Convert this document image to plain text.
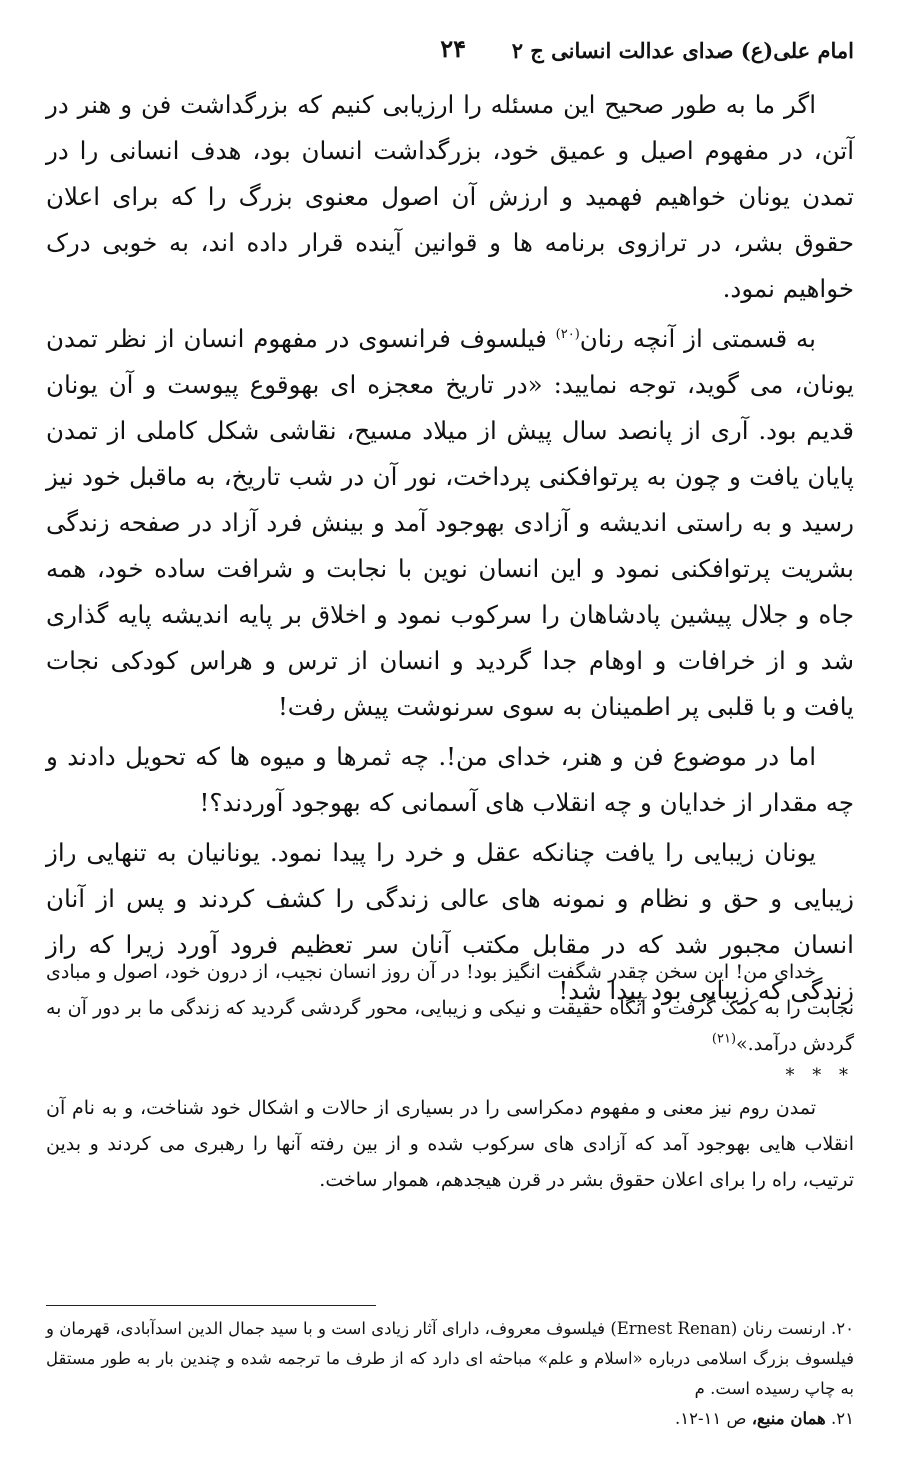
امام علی(ع) صدای عدالت انسانی ج ۲
۲۴

اگر ما به طور صحیح این مسئله را ارزیابی کنیم که بزرگداشت فن و هنر در آتن، در مفهوم اصیل و عمیق خود، بزرگداشت انسان بود، هدف انسانی را در تمدن یونان خواهیم فهمید و ارزش آن اصول معنوی بزرگ را که برای اعلان حقوق بشر، در ترازوی برنامه ها و قوانین آینده قرار داده اند، به خوبی درک خواهیم نمود.

به قسمتی از آنچه رنان$^{(۲۰)}$ فیلسوف فرانسوی در مفهوم انسان از نظر تمدن یونان، می گوید، توجه نمایید: «در تاریخ معجزه ای بهوقوع پیوست و آن یونان قدیم بود. آری از پانصد سال پیش از میلاد مسیح، نقاشی شکل کاملی از تمدن پایان یافت و چون به پرتوافکنی پرداخت، نور آن در شب تاریخ، به ماقبل خود نیز رسید و به راستی اندیشه و آزادی بهوجود آمد و بینش فرد آزاد در صفحه زندگی بشریت پرتوافکنی نمود و این انسان نوین با نجابت و شرافت ساده خود، همه جاه و جلال پیشین پادشاهان را سرکوب نمود و اخلاق بر پایه اندیشه پایه گذاری شد و از خرافات و اوهام جدا گردید و انسان از ترس و هراس کودکی نجات یافت و با قلبی پر اطمینان به سوی سرنوشت پیش رفت!

اما در موضوع فن و هنر، خدای من!. چه ثمرها و میوه ها که تحویل دادند و چه مقدار از خدایان و چه انقلاب های آسمانی که بهوجود آوردند؟!

یونان زیبایی را یافت چنانکه عقل و خرد را پیدا نمود. یونانیان به تنهایی راز زیبایی و حق و نظام و نمونه های عالی زندگی را کشف کردند و پس از آنان انسان مجبور شد که در مقابل مکتب آنان سر تعظیم فرود آورد زیرا که راز زندگی که زیبایی بود پیدا شد!

خدای من! این سخن چقدر شگفت انگیز بود! در آن روز انسان نجیب، از درون خود، اصول و مبادی نجابت را به کمک گرفت و آنگاه حقیقت و نیکی و زیبایی، محور گردشی گردید که زندگی ما بر دور آن به گردش درآمد.»$^{(۲۱)}$

* * *

تمدن روم نیز معنی و مفهوم دمکراسی را در بسیاری از حالات و اشکال خود شناخت، و به نام آن انقلاب هایی بهوجود آمد که آزادی های سرکوب شده و از بین رفته آنها را رهبری می کردند و بدین ترتیب، راه را برای اعلان حقوق بشر در قرن هیجدهم، هموار ساخت.

۲۰. ارنست رنان (Ernest Renan) فیلسوف معروف، دارای آثار زیادی است و با سید جمال الدین اسدآبادی، قهرمان و فیلسوف بزرگ اسلامی درباره «اسلام و علم» مباحثه ای دارد که از طرف ما ترجمه شده و چندین بار به طور مستقل به چاپ رسیده است. م

۲۱. همان منبع، ص ۱۱-۱۲.
